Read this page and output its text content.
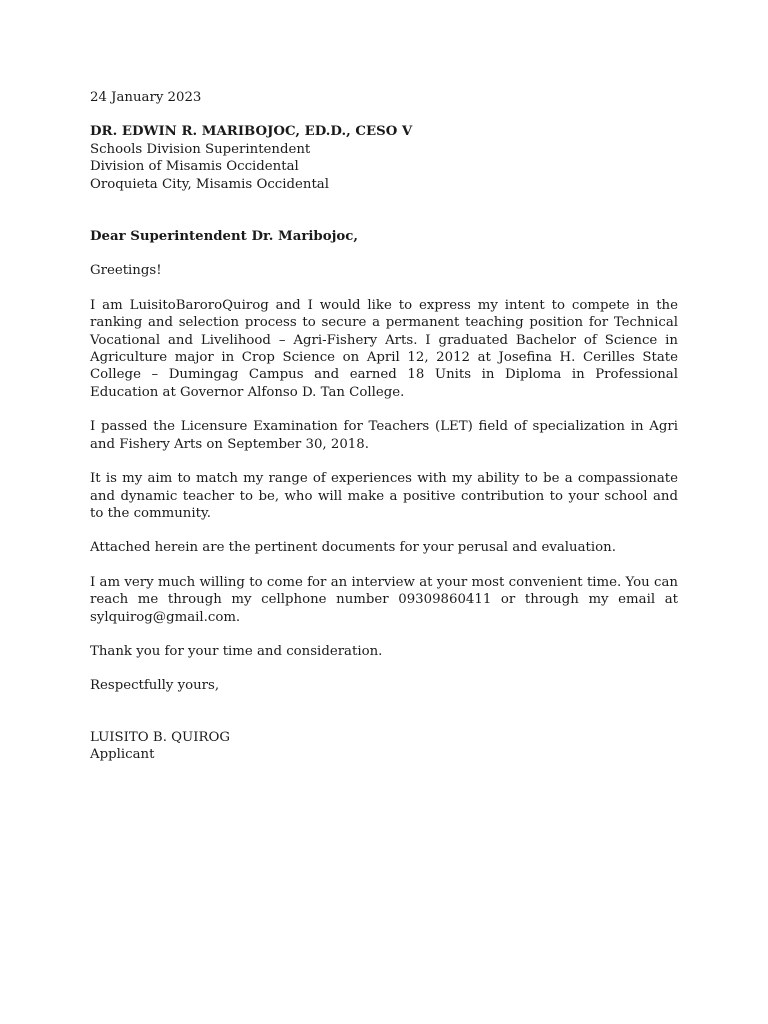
24 January 2023
DR. EDWIN R. MARIBOJOC, ED.D., CESO V
Schools Division Superintendent
Division of Misamis Occidental
Oroquieta City, Misamis Occidental
Dear Superintendent Dr. Maribojoc,

Greetings!

I am LuisitoBaroroQuirog and I would like to express my intent to compete in the ranking and selection process to secure a permanent teaching position for Technical Vocational and Livelihood – Agri-Fishery Arts. I graduated Bachelor of Science in Agriculture major in Crop Science on April 12, 2012 at Josefina H. Cerilles State College – Dumingag Campus and earned 18 Units in Diploma in Professional Education at Governor Alfonso D. Tan College.

I passed the Licensure Examination for Teachers (LET) field of specialization in Agri and Fishery Arts on September 30, 2018.

It is my aim to match my range of experiences with my ability to be a compassionate and dynamic teacher to be, who will make a positive contribution to your school and to the community.

Attached herein are the pertinent documents for your perusal and evaluation.

I am very much willing to come for an interview at your most convenient time. You can reach me through my cellphone number 09309860411 or through my email at sylquirog@gmail.com.

Thank you for your time and consideration.

Respectfully yours,
LUISITO B. QUIROG
Applicant
